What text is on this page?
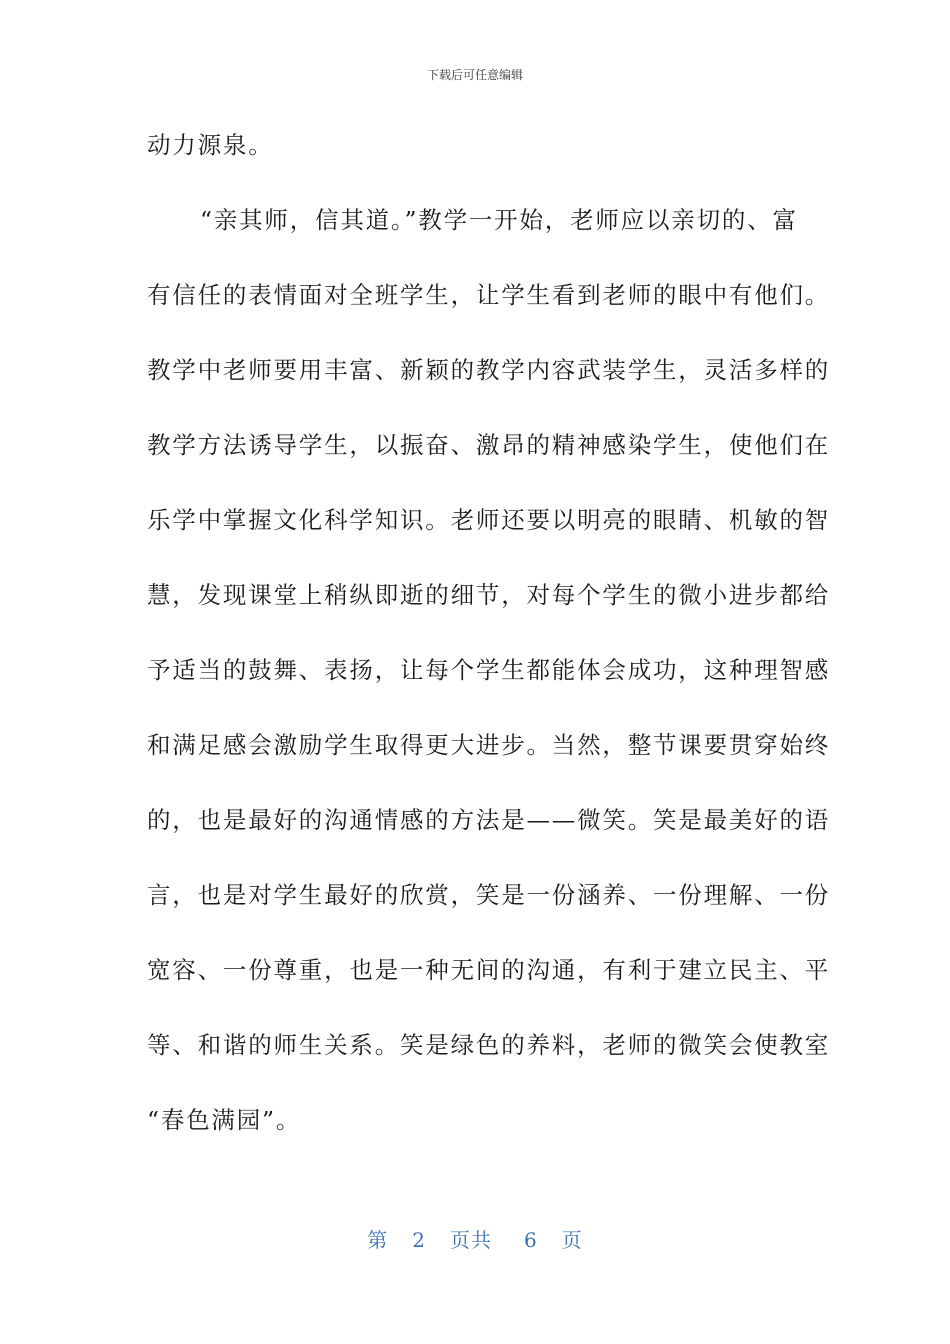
下载后可任意编辑
动力源泉。
“亲其师，信其道。”教学一开始，老师应以亲切的、富
有信任的表情面对全班学生，让学生看到老师的眼中有他们。
教学中老师要用丰富、新颖的教学内容武装学生，灵活多样的
教学方法诱导学生，以振奋、激昂的精神感染学生，使他们在
乐学中掌握文化科学知识。老师还要以明亮的眼睛、机敏的智
慧，发现课堂上稍纵即逝的细节，对每个学生的微小进步都给
予适当的鼓舞、表扬，让每个学生都能体会成功，这种理智感
和满足感会激励学生取得更大进步。当然，整节课要贯穿始终
的，也是最好的沟通情感的方法是——微笑。笑是最美好的语
言，也是对学生最好的欣赏，笑是一份涵养、一份理解、一份
宽容、一份尊重，也是一种无间的沟通，有利于建立民主、平
等、和谐的师生关系。笑是绿色的养料，老师的微笑会使教室
“春色满园”。
第 2 页共 6 页
